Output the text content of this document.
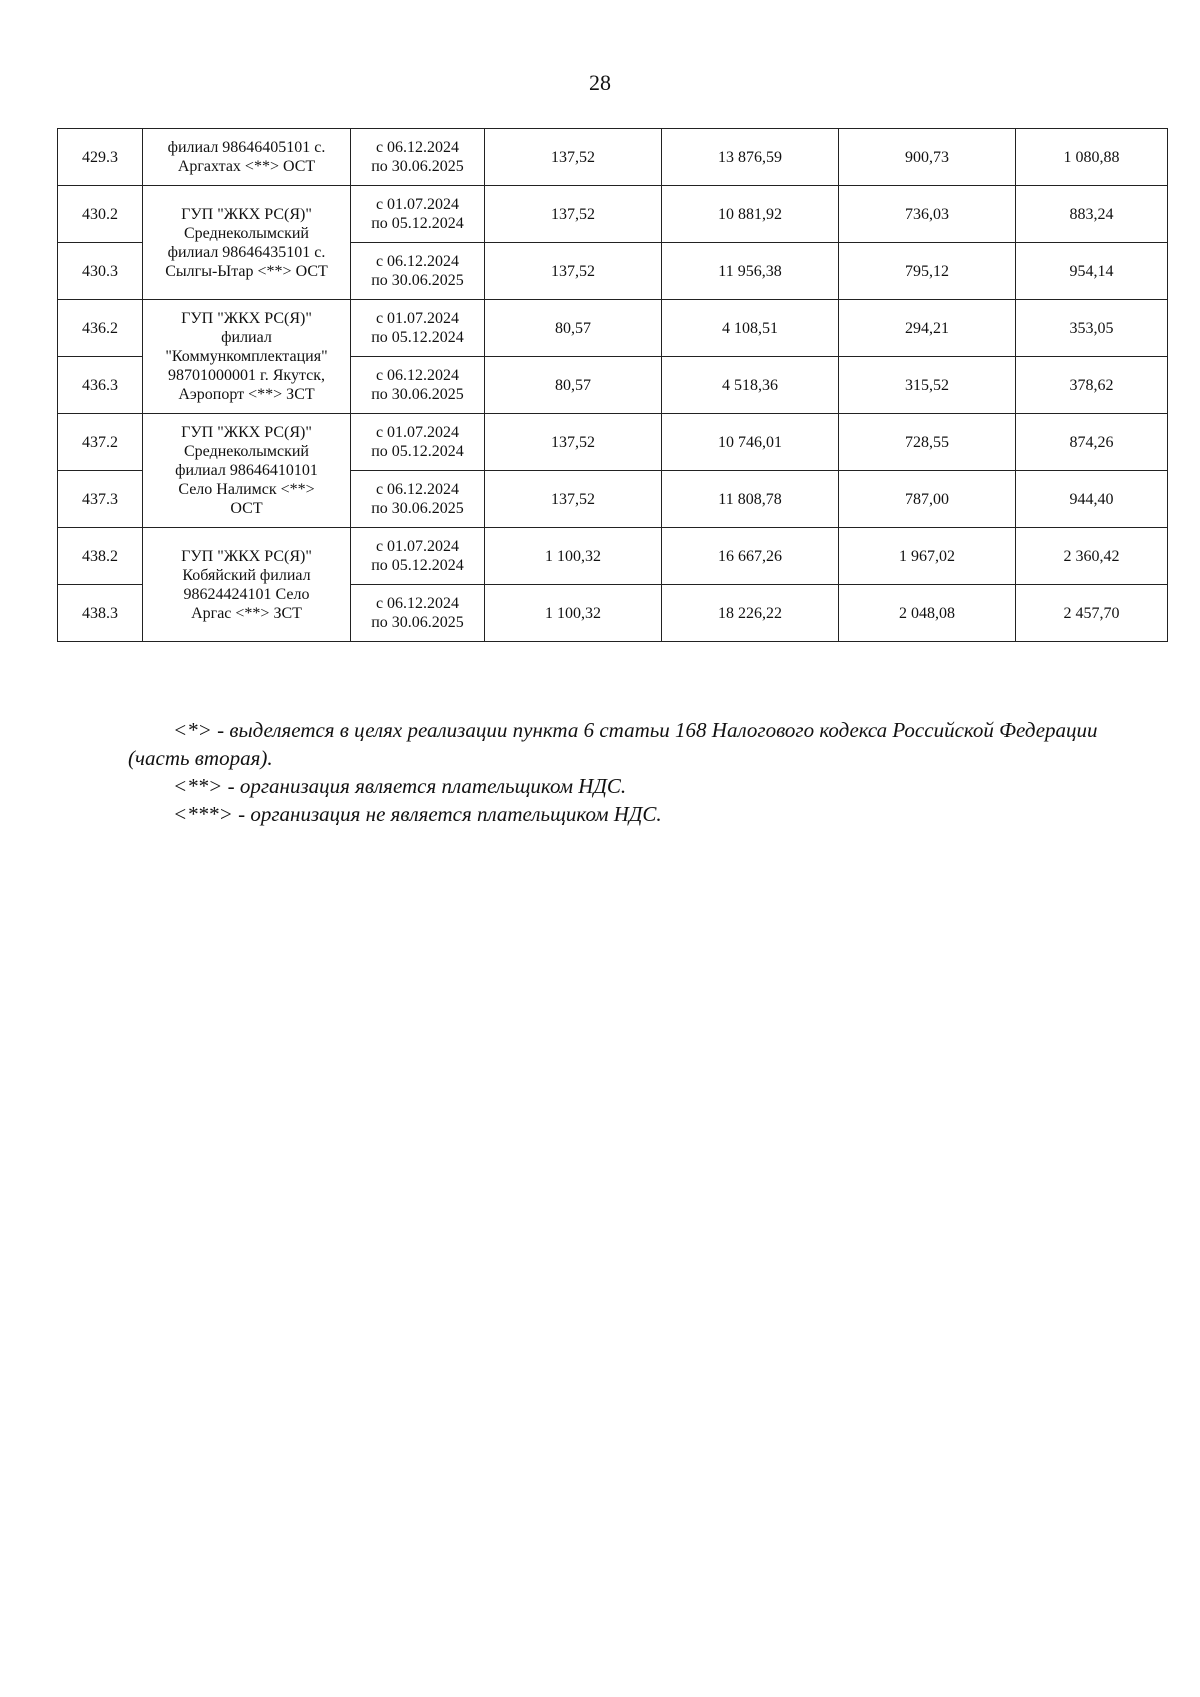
28
429.3	филиал 98646405101 с.
Аргахтах <**> ОСТ	с 06.12.2024
по 30.06.2025	137,52	13 876,59	900,73	1 080,88
430.2	ГУП "ЖКХ РС(Я)"
Среднеколымский
филиал 98646435101 с.
Сылгы-Ытар <**> ОСТ	с 01.07.2024
по 05.12.2024	137,52	10 881,92	736,03	883,24
430.3		с 06.12.2024
по 30.06.2025	137,52	11 956,38	795,12	954,14
436.2	ГУП "ЖКХ РС(Я)"
филиал
"Коммункомплектация"
98701000001 г. Якутск,
Аэропорт <**> ЗСТ	с 01.07.2024
по 05.12.2024	80,57	4 108,51	294,21	353,05
436.3		с 06.12.2024
по 30.06.2025	80,57	4 518,36	315,52	378,62
437.2	ГУП "ЖКХ РС(Я)"
Среднеколымский
филиал 98646410101
Село Налимск <**>
ОСТ	с 01.07.2024
по 05.12.2024	137,52	10 746,01	728,55	874,26
437.3		с 06.12.2024
по 30.06.2025	137,52	11 808,78	787,00	944,40
438.2	ГУП "ЖКХ РС(Я)"
Кобяйский филиал
98624424101 Село
Аргас <**> ЗСТ	с 01.07.2024
по 05.12.2024	1 100,32	16 667,26	1 967,02	2 360,42
438.3		с 06.12.2024
по 30.06.2025	1 100,32	18 226,22	2 048,08	2 457,70

<*> - выделяется в целях реализации пункта 6 статьи 168 Налогового кодекса Российской Федерации (часть вторая).

<**> - организация является плательщиком НДС.

<***> - организация не является плательщиком НДС.
